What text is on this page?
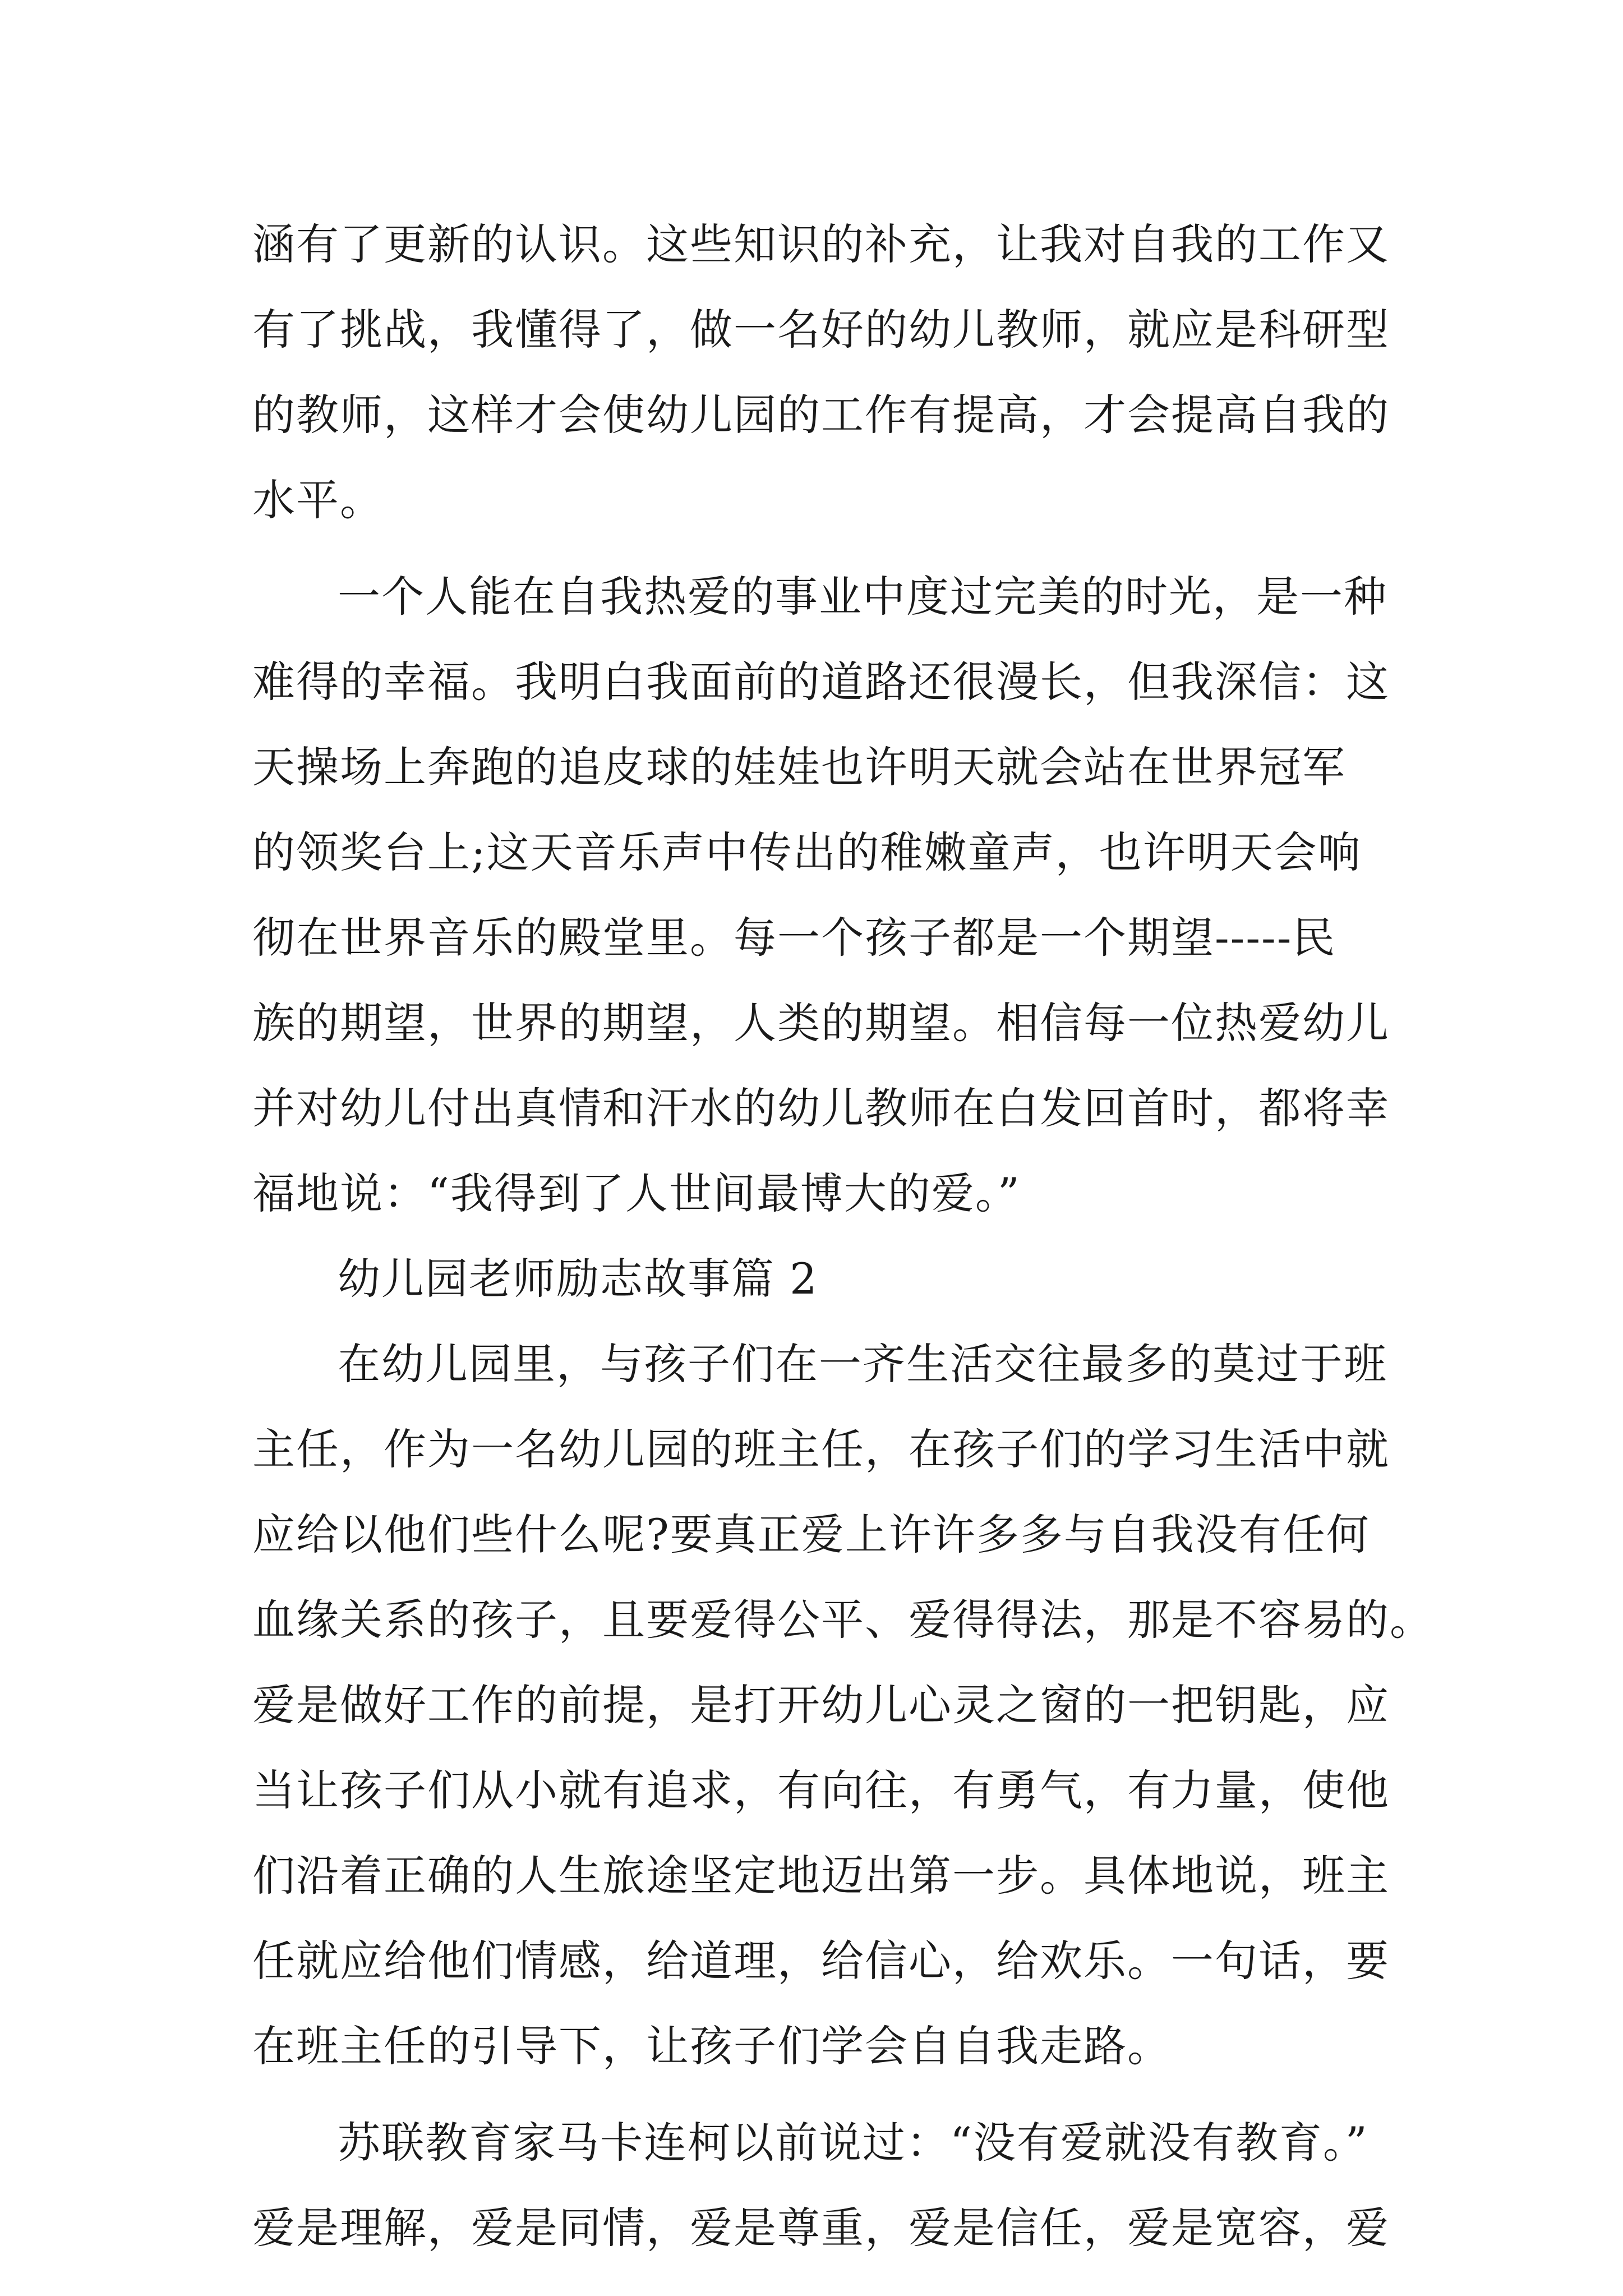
涵有了更新的认识。这些知识的补充，让我对自我的工作又
有了挑战，我懂得了，做一名好的幼儿教师，就应是科研型
的教师，这样才会使幼儿园的工作有提高，才会提高自我的
水平。
一个人能在自我热爱的事业中度过完美的时光，是一种
难得的幸福。我明白我面前的道路还很漫长，但我深信：这
天操场上奔跑的追皮球的娃娃也许明天就会站在世界冠军
的领奖台上;这天音乐声中传出的稚嫩童声，也许明天会响
彻在世界音乐的殿堂里。每一个孩子都是一个期望-----民
族的期望，世界的期望，人类的期望。相信每一位热爱幼儿
并对幼儿付出真情和汗水的幼儿教师在白发回首时，都将幸
福地说：“我得到了人世间最博大的爱。”
幼儿园老师励志故事篇 2
在幼儿园里，与孩子们在一齐生活交往最多的莫过于班
主任，作为一名幼儿园的班主任，在孩子们的学习生活中就
应给以他们些什么呢?要真正爱上许许多多与自我没有任何
血缘关系的孩子，且要爱得公平、爱得得法，那是不容易的。
爱是做好工作的前提，是打开幼儿心灵之窗的一把钥匙，应
当让孩子们从小就有追求，有向往，有勇气，有力量，使他
们沿着正确的人生旅途坚定地迈出第一步。具体地说，班主
任就应给他们情感，给道理，给信心，给欢乐。一句话，要
在班主任的引导下，让孩子们学会自自我走路。
苏联教育家马卡连柯以前说过：“没有爱就没有教育。”
爱是理解，爱是同情，爱是尊重，爱是信任，爱是宽容，爱
